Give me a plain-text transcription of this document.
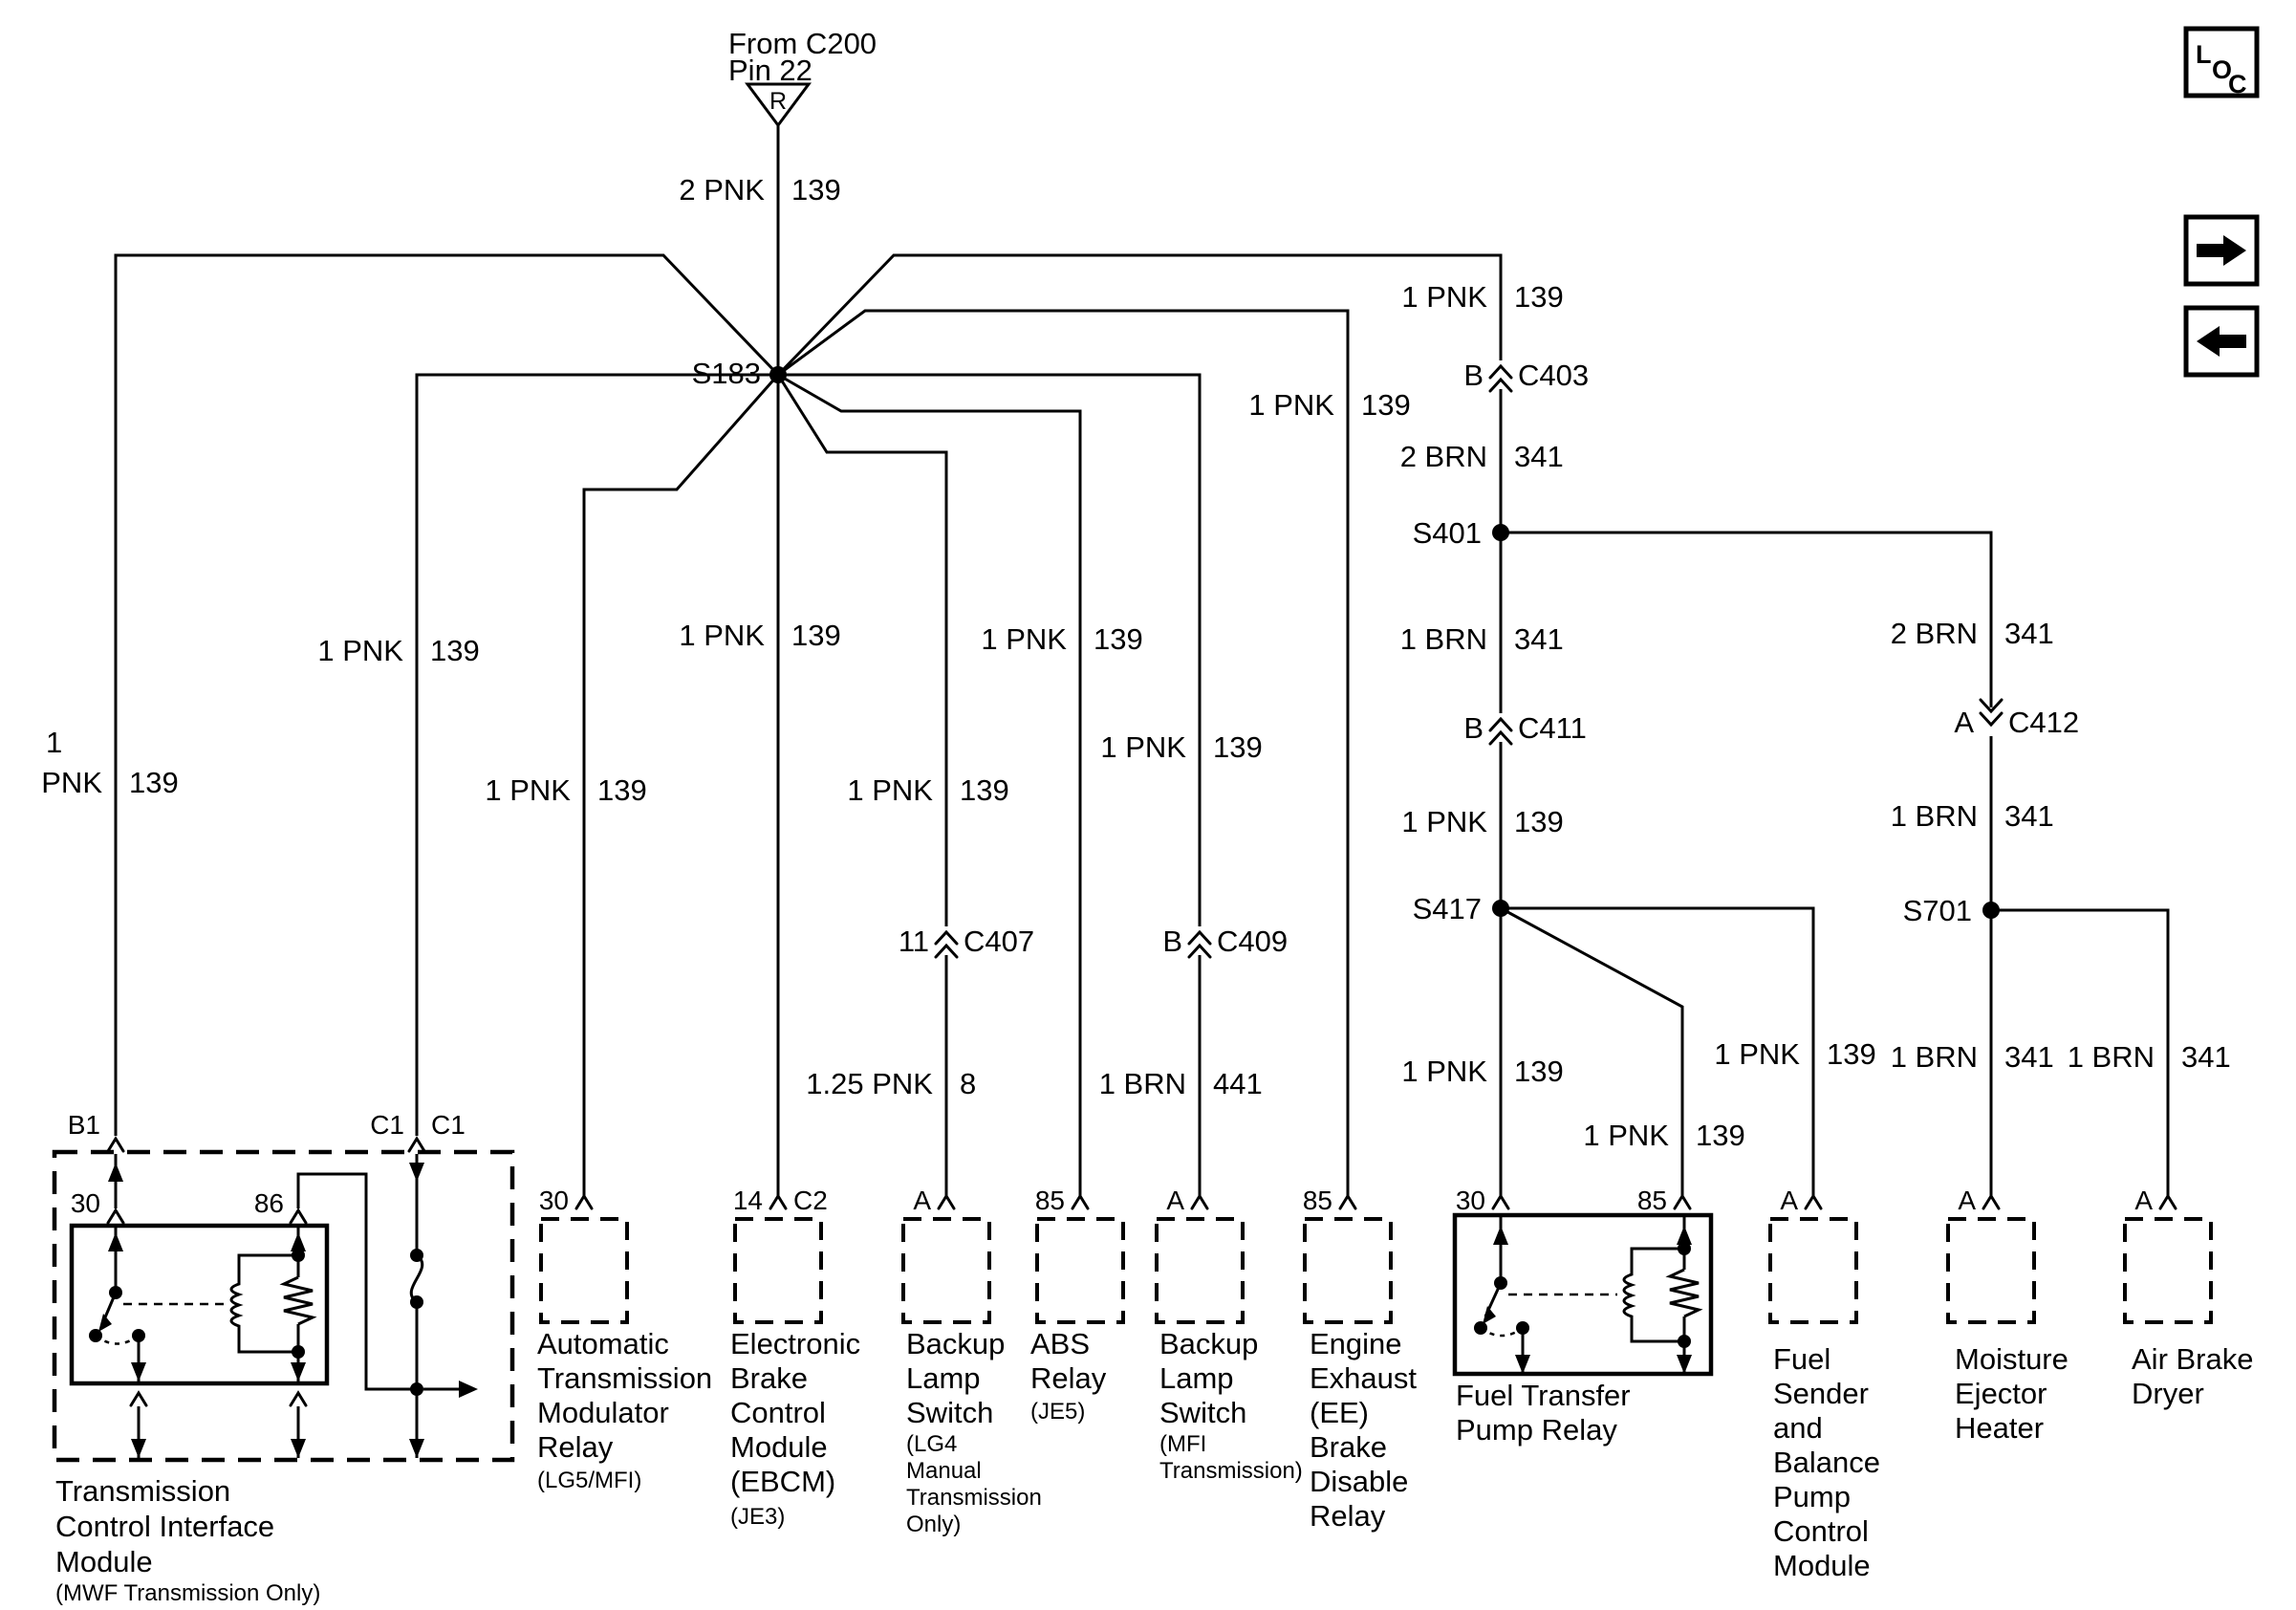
R
From C200
Pin 22
S183
S401
S417	S701
B C403
B C411	A C412
11 C407	B C409
2 PNK 139
1
PNK 139
1 PNK 139
1 PNK 139
1 PNK 139
1 PNK 139
1.25 PNK 8
1 PNK 139
1 PNK 139
1 BRN 441
1 PNK 139
1 PNK 139
2 BRN 341
1 BRN 341
1 PNK 139
1 PNK 139
1 PNK 139
1 PNK 139
2 BRN 341
1 BRN 341
1 BRN 341 1 BRN 341
30	14 C2	A	85	A	85	30	85	A	A	A
B1	C1 C1
30	86
Transmission
Control Interface
Module
(MWF Transmission Only)
Fuel Transfer
Pump Relay
Automatic
Transmission
Modulator
Relay
(LG5/MFI)
Electronic
Brake
Control
Module
(EBCM)
(JE3)
Backup
Lamp
Switch
(LG4
Manual
Transmission
Only)
ABS
Relay
(JE5)
Backup
Lamp
Switch
(MFI
Transmission)
Engine
Exhaust
(EE)
Brake
Disable
Relay
Fuel
Sender
and
Balance
Pump
Control
Module
Moisture
Ejector
Heater
Air Brake
Dryer
L
O
C
